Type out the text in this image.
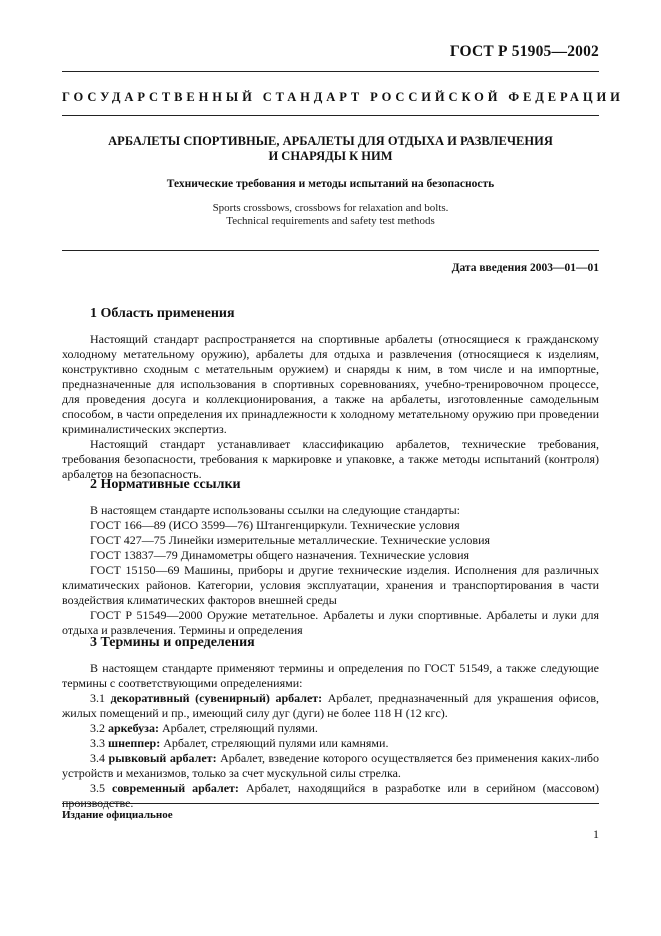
ГОСТ Р 51905—2002
ГОСУДАРСТВЕННЫЙ СТАНДАРТ РОССИЙСКОЙ ФЕДЕРАЦИИ
АРБАЛЕТЫ СПОРТИВНЫЕ, АРБАЛЕТЫ ДЛЯ ОТДЫХА И РАЗВЛЕЧЕНИЯ
И СНАРЯДЫ К НИМ
Технические требования и методы испытаний на безопасность
Sports crossbows, crossbows for relaxation and bolts.
Technical requirements and safety test methods
Дата введения 2003—01—01
1 Область применения

Настоящий стандарт распространяется на спортивные арбалеты (относящиеся к гражданскому холодному метательному оружию), арбалеты для отдыха и развлечения (относящиеся к изделиям, конструктивно сходным с метательным оружием) и снаряды к ним, в том числе и на импортные, предназначенные для использования в спортивных соревнованиях, учебно-тренировочном процессе, для проведения досуга и коллекционирования, а также на арбалеты, изготовленные самодельным способом, в части определения их принадлежности к холодному метательному оружию при проведении криминалистических экспертиз.

Настоящий стандарт устанавливает классификацию арбалетов, технические требования, требования безопасности, требования к маркировке и упаковке, а также методы испытаний (контроля) арбалетов на безопасность.

2 Нормативные ссылки

В настоящем стандарте использованы ссылки на следующие стандарты:

ГОСТ 166—89 (ИСО 3599—76) Штангенциркули. Технические условия

ГОСТ 427—75 Линейки измерительные металлические. Технические условия

ГОСТ 13837—79 Динамометры общего назначения. Технические условия

ГОСТ 15150—69 Машины, приборы и другие технические изделия. Исполнения для различных климатических районов. Категории, условия эксплуатации, хранения и транспортирования в части воздействия климатических факторов внешней среды

ГОСТ Р 51549—2000 Оружие метательное. Арбалеты и луки спортивные. Арбалеты и луки для отдыха и развлечения. Термины и определения

3 Термины и определения

В настоящем стандарте применяют термины и определения по ГОСТ 51549, а также следующие термины с соответствующими определениями:

3.1 декоративный (сувенирный) арбалет: Арбалет, предназначенный для украшения офисов, жилых помещений и пр., имеющий силу дуг (дуги) не более 118 Н (12 кгс).

3.2 аркебуза: Арбалет, стреляющий пулями.

3.3 шнеппер: Арбалет, стреляющий пулями или камнями.

3.4 рывковый арбалет: Арбалет, взведение которого осуществляется без применения каких-либо устройств и механизмов, только за счет мускульной силы стрелка.

3.5 современный арбалет: Арбалет, находящийся в разработке или в серийном (массовом) производстве.

Издание официальное
1
